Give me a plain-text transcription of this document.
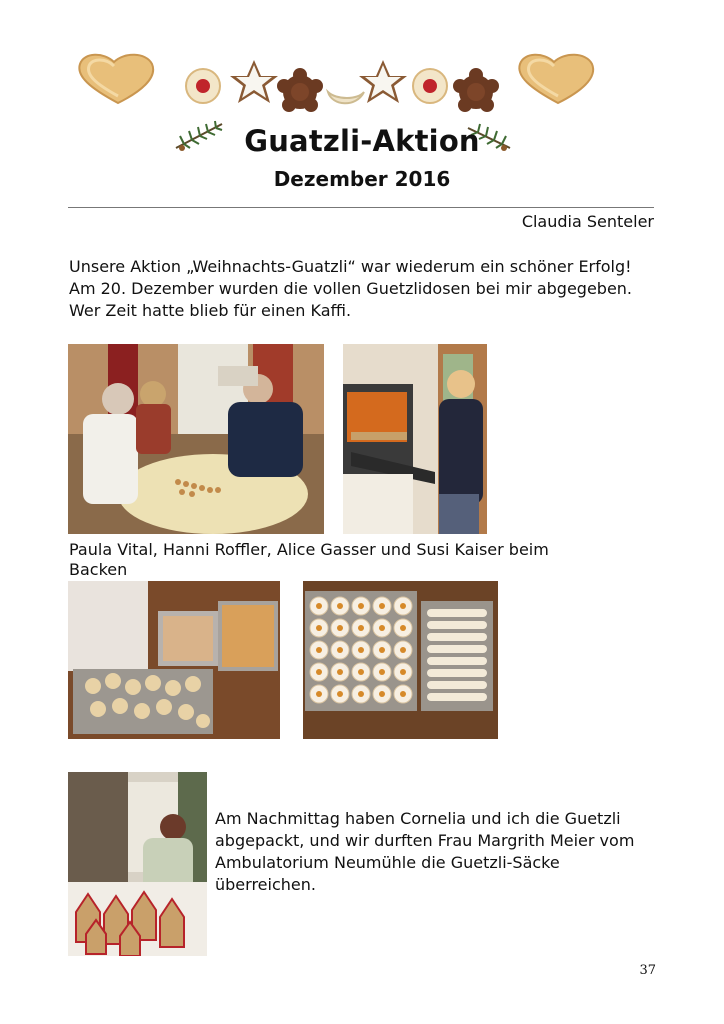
Guatzli-Aktion
Dezember 2016
Claudia Senteler
Unsere Aktion „Weihnachts-Guatzli“ war wiederum ein schöner Erfolg! Am 20. Dezember wurden die vollen Guetzlidosen bei mir abgegeben. Wer Zeit hatte blieb für einen Kaffi.
Paula Vital, Hanni Roffler, Alice Gasser und Susi Kaiser beim Backen
Am Nachmittag haben Cornelia und ich die Guetzli abgepackt, und wir durften Frau Margrith Meier vom Ambulatorium Neumühle die Guetzli-Säcke überreichen.
37
